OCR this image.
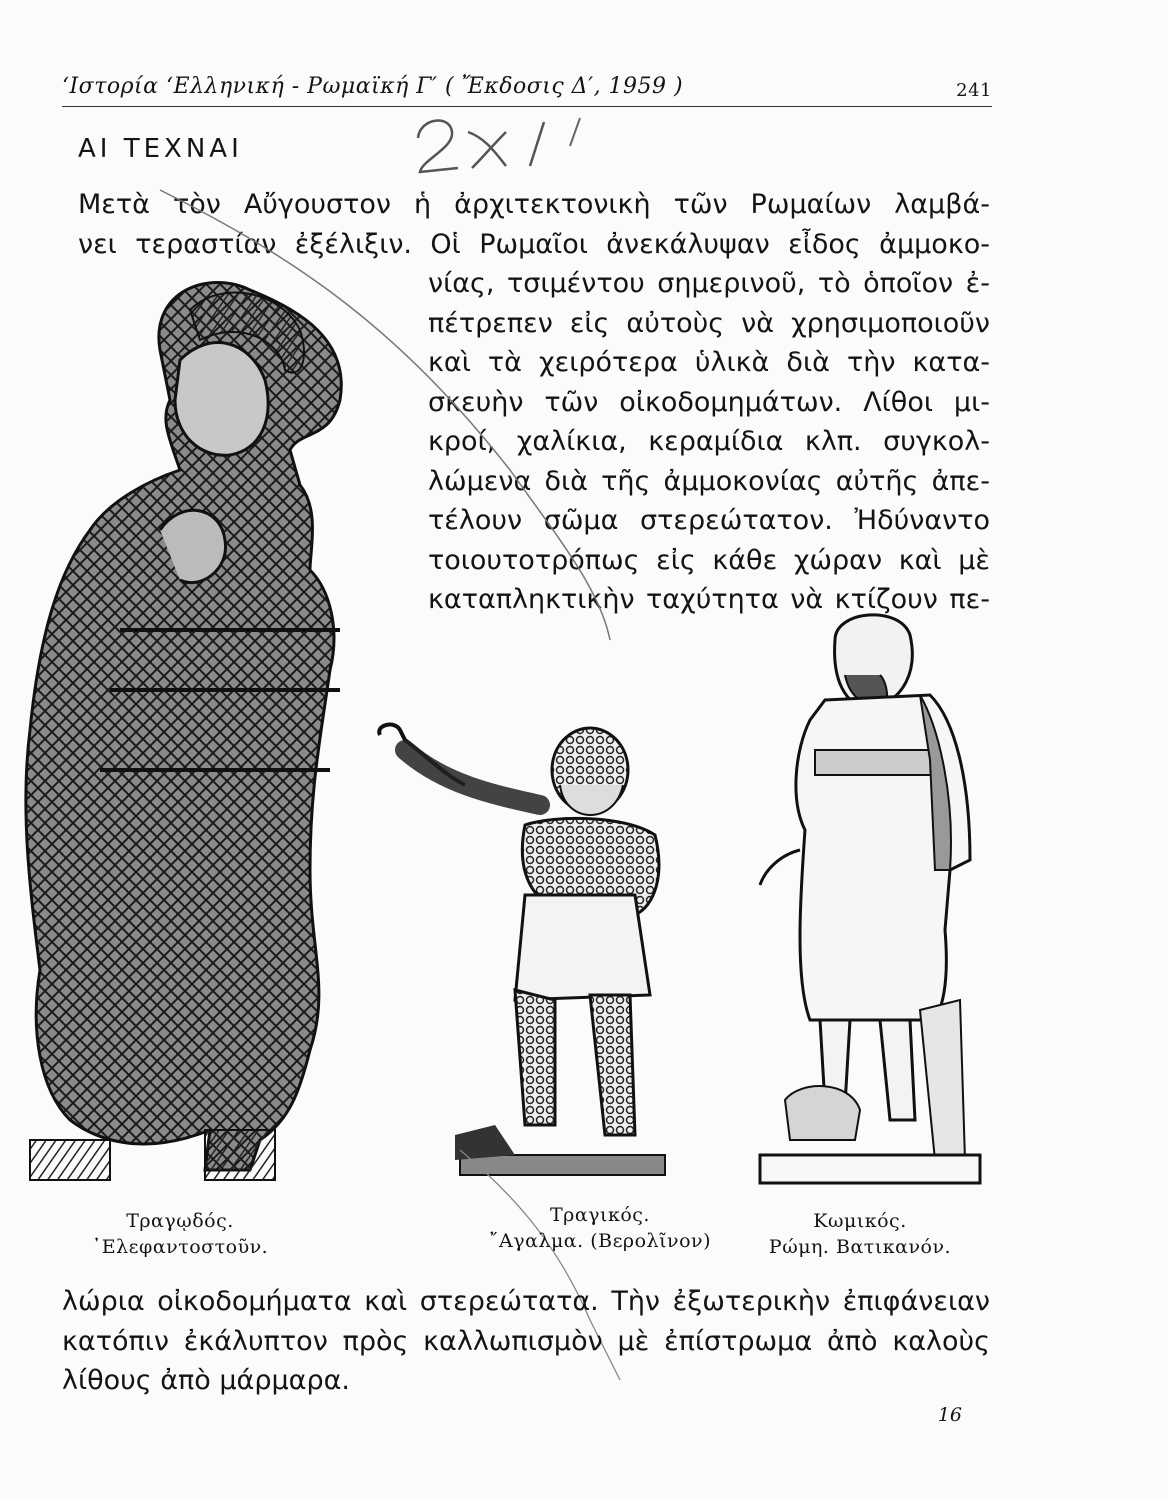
‘Ιστορία ‘Ελληνική - Ρωμαϊκή Γ′ ( Ἔκδοσις Δ′, 1959 )	241
ΑΙ ΤΕΧΝΑΙ

Μετὰ τὸν Αὔγουστον ἡ ἀρχιτεκτονικὴ τῶν Ρωμαίων λαμβά-
νει τεραστίαν ἐξέλιξιν. Οἱ Ρωμαῖοι ἀνεκάλυψαν εἶδος ἀμμοκο-

νίας, τσιμέντου σημερινοῦ, τὸ ὁποῖον ἐ-
πέτρεπεν εἰς αὐτοὺς νὰ χρησιμοποιοῦν
καὶ τὰ χειρότερα ὑλικὰ διὰ τὴν κατα-
σκευὴν τῶν οἰκοδομημάτων. Λίθοι μι-
κροί, χαλίκια, κεραμίδια κλπ. συγκολ-
λώμενα διὰ τῆς ἀμμοκονίας αὐτῆς ἀπε-
τέλουν σῶμα στερεώτατον. Ἠδύναντο
τοιουτοτρόπως εἰς κάθε χώραν καὶ μὲ
καταπληκτικὴν ταχύτητα νὰ κτίζουν πε-

Τραγῳδός.
᾿Ελεφαντοστοῦν.
Τραγικός.
῎Αγαλμα. (Βερολῖνον)
Κωμικός.
Ρώμη. Βατικανόν.

λώρια οἰκοδομήματα καὶ στερεώτατα. Τὴν ἐξωτερικὴν ἐπιφάνειαν
κατόπιν ἐκάλυπτον πρὸς καλλωπισμὸν μὲ ἐπίστρωμα ἀπὸ καλοὺς
λίθους ἀπὸ μάρμαρα.

16
